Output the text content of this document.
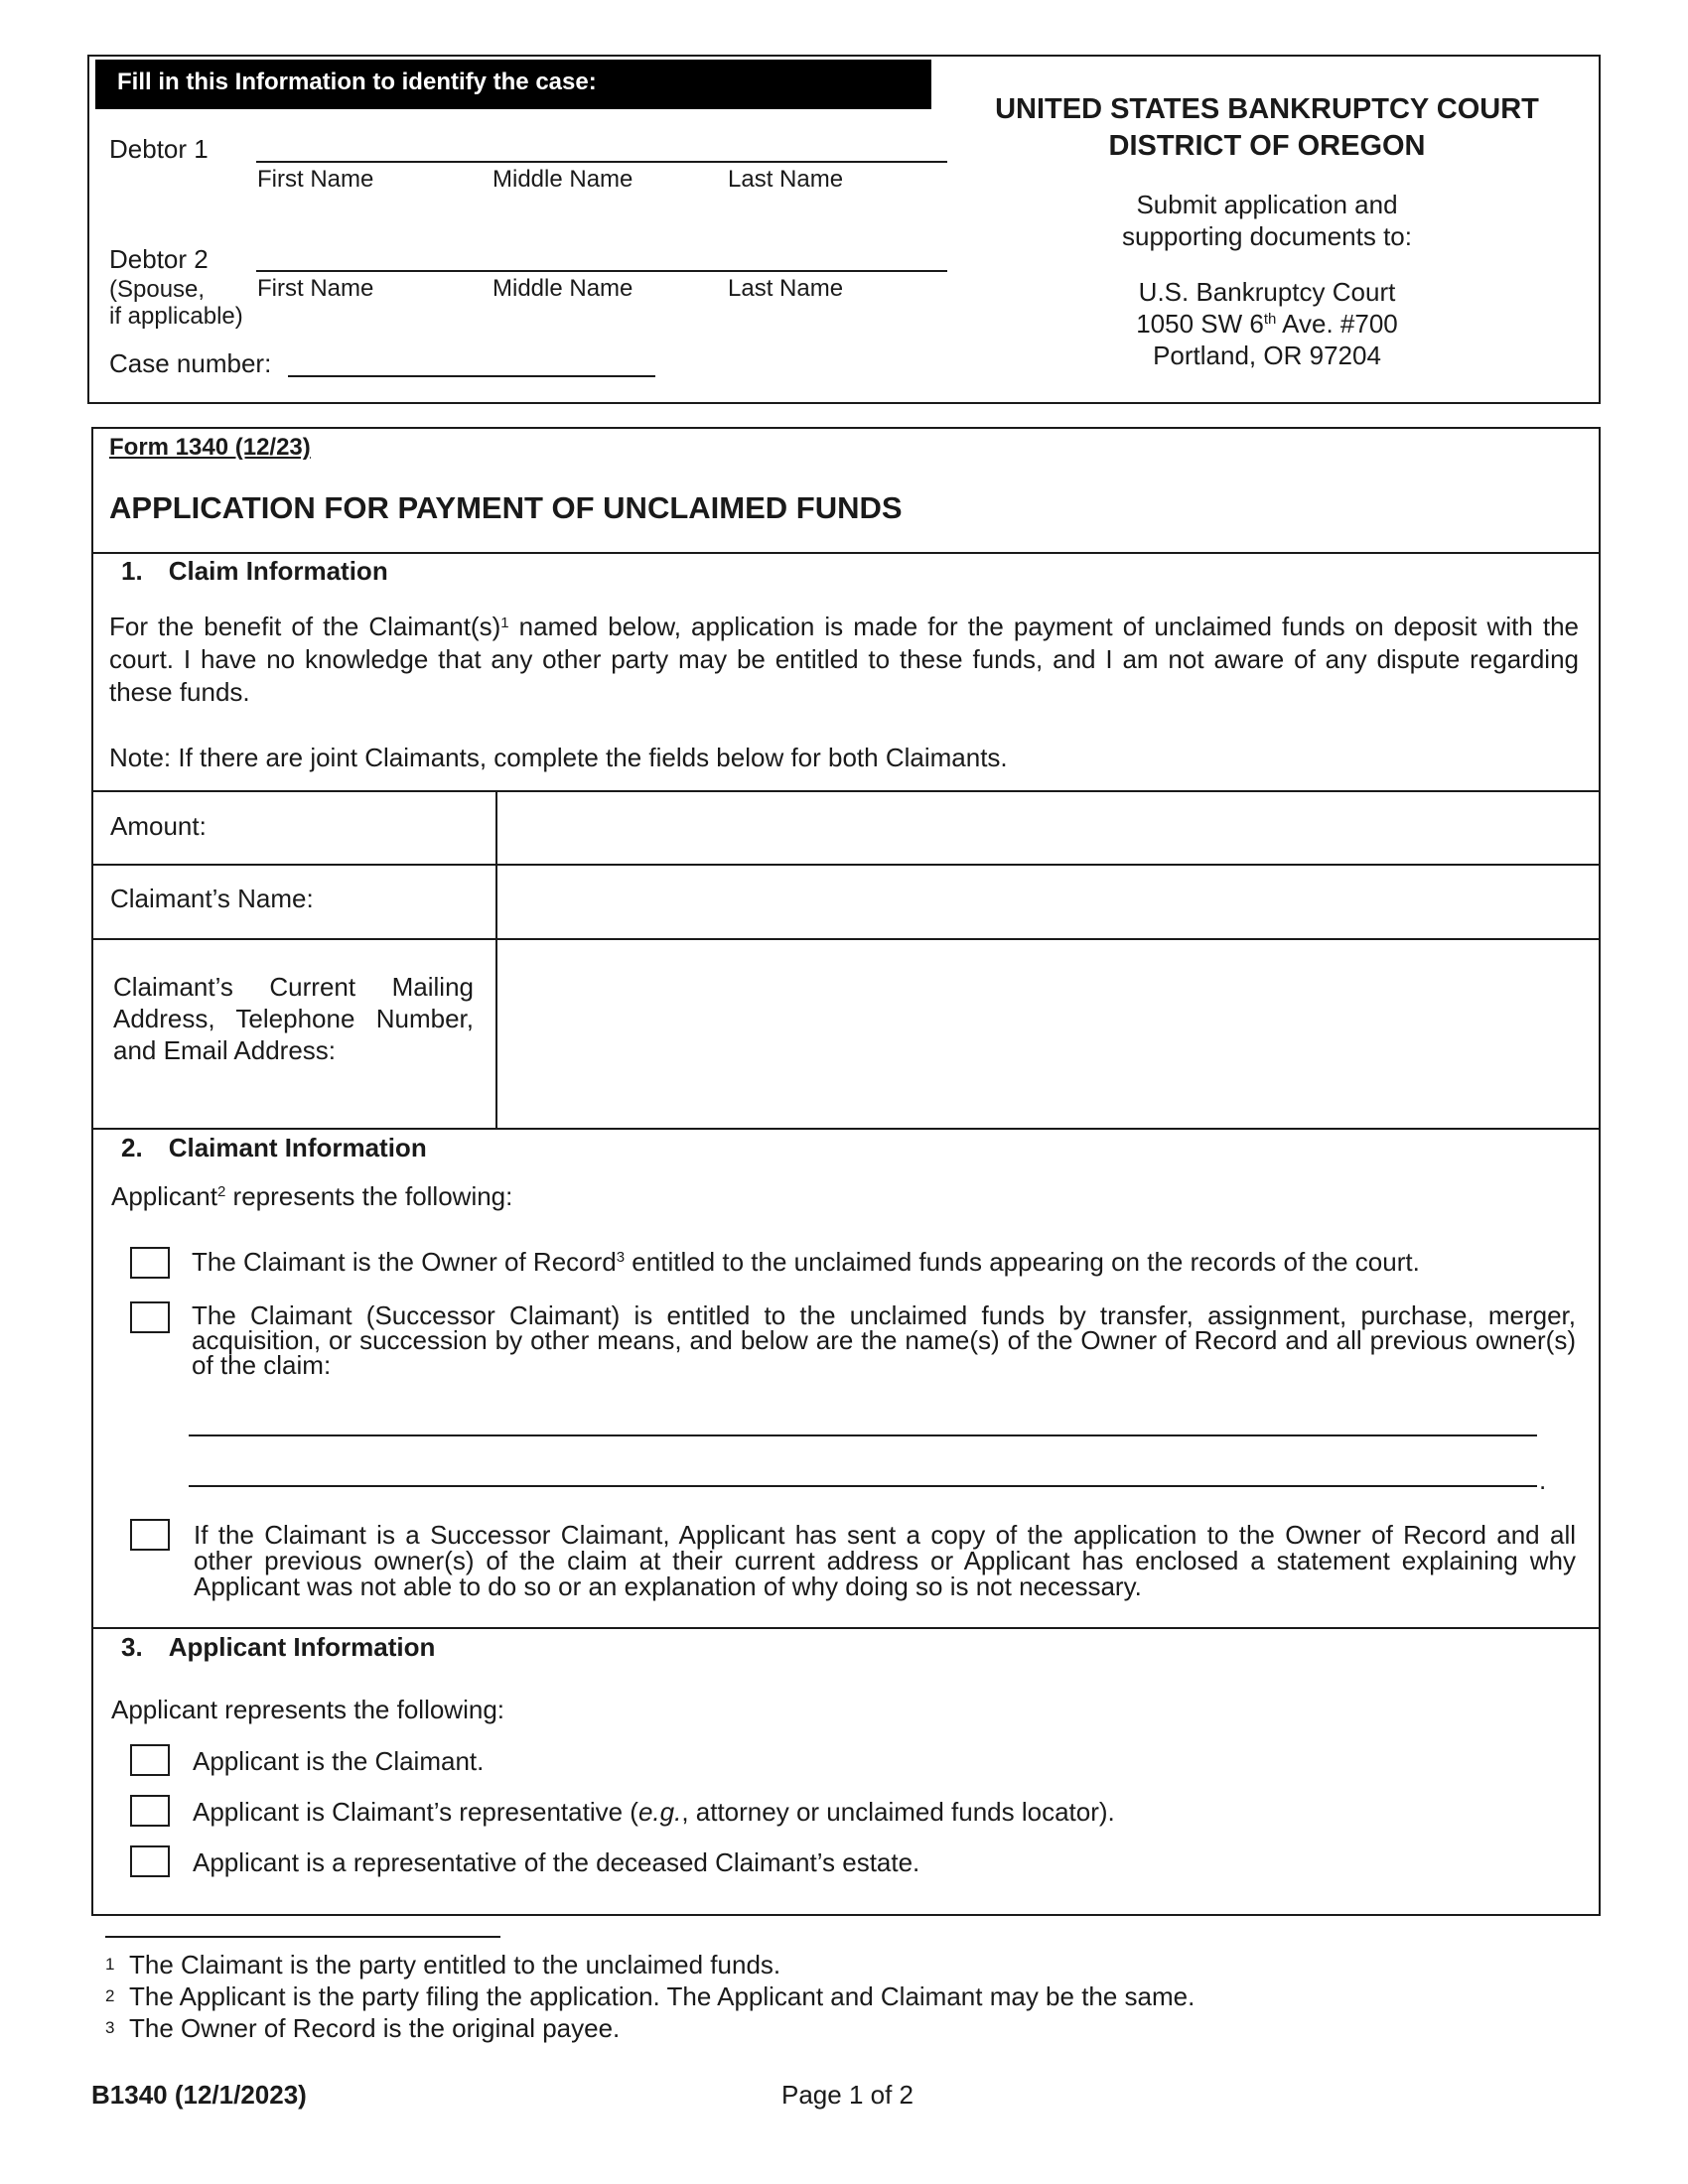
Fill in this Information to identify the case:
Debtor 1
First Name	Middle Name	Last Name
Debtor 2
(Spouse,
if applicable)
First Name	Middle Name	Last Name
Case number:
UNITED STATES BANKRUPTCY COURT
DISTRICT OF OREGON
Submit application and
supporting documents to:
U.S. Bankruptcy Court
1050 SW 6th Ave. #700
Portland, OR 97204
Form 1340 (12/23)
APPLICATION FOR PAYMENT OF UNCLAIMED FUNDS
1. Claim Information
For the benefit of the $Claimant(s)^1$ named below, application is made for the payment of unclaimed funds on deposit with the court. I have no knowledge that any other party may be entitled to these funds, and I am not aware of any dispute regarding these funds.
Note: If there are joint Claimants, complete the fields below for both Claimants.
Amount:
Claimant’s Name:
Claimant’s Current Mailing Address, Telephone Number, and Email Address:
2. Claimant Information
Applicant$^2$ represents the following:
The Claimant is the Owner of Record$^3$ entitled to the unclaimed funds appearing on the records of the court.
The Claimant (Successor Claimant) is entitled to the unclaimed funds by transfer, assignment, purchase, merger, acquisition, or succession by other means, and below are the name(s) of the Owner of Record and all previous owner(s) of the claim:
.
If the Claimant is a Successor Claimant, Applicant has sent a copy of the application to the Owner of Record and all other previous owner(s) of the claim at their current address or Applicant has enclosed a statement explaining why Applicant was not able to do so or an explanation of why doing so is not necessary.
3. Applicant Information
Applicant represents the following:
Applicant is the Claimant.
Applicant is Claimant’s representative (e.g., attorney or unclaimed funds locator).
Applicant is a representative of the deceased Claimant’s estate.
1 The Claimant is the party entitled to the unclaimed funds.
2 The Applicant is the party filing the application. The Applicant and Claimant may be the same.
3 The Owner of Record is the original payee.
B1340 (12/1/2023)	Page 1 of 2
